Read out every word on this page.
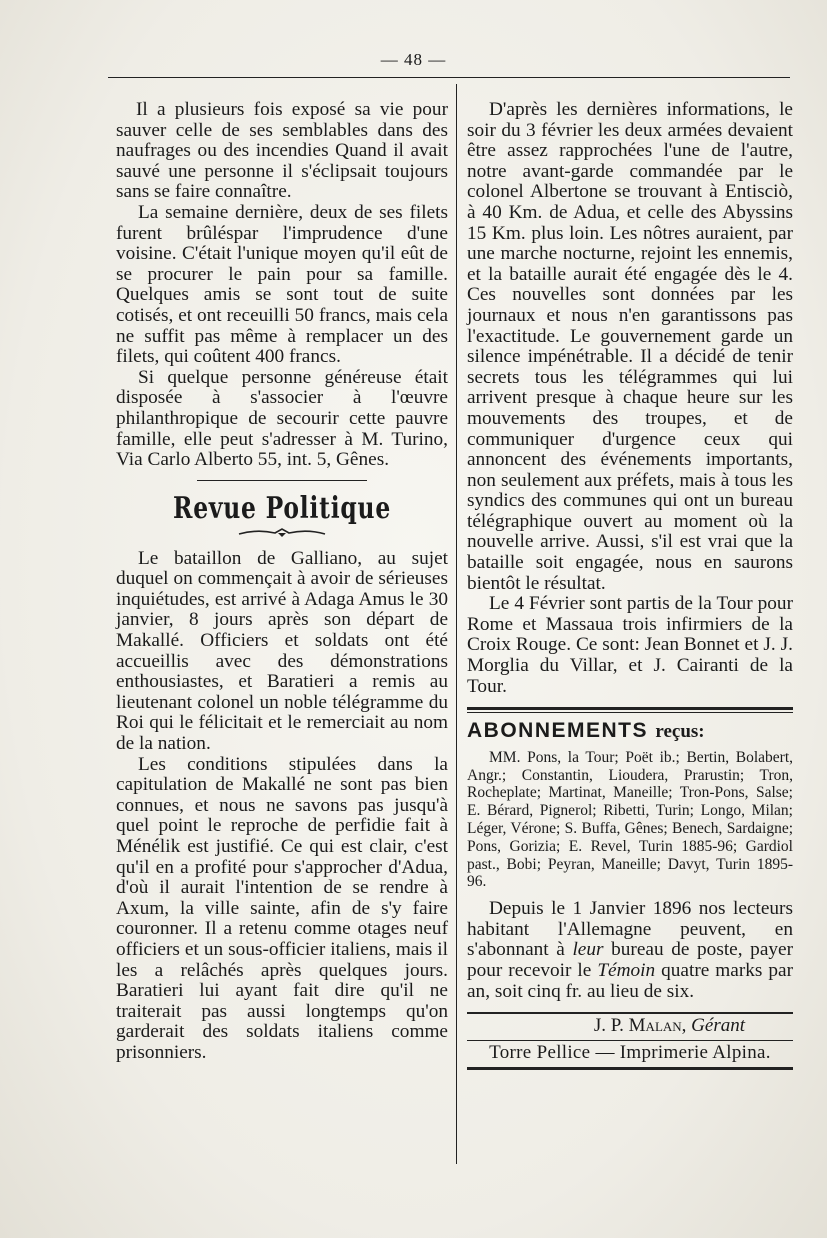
— 48 —

Il a plusieurs fois exposé sa vie pour sauver celle de ses semblables dans des naufrages ou des incendies Quand il avait sauvé une personne il s'éclipsait toujours sans se faire connaître.

La semaine dernière, deux de ses filets furent brûléspar l'imprudence d'une voisine. C'était l'unique moyen qu'il eût de se procurer le pain pour sa famille. Quelques amis se sont tout de suite cotisés, et ont receuilli 50 francs, mais cela ne suffit pas même à remplacer un des filets, qui coûtent 400 francs.

Si quelque personne généreuse était disposée à s'associer à l'œuvre philanthropique de secourir cette pauvre famille, elle peut s'adresser à M. Turino, Via Carlo Alberto 55, int. 5, Gênes.

Revue Politique

Le bataillon de Galliano, au sujet duquel on commençait à avoir de sérieuses inquiétudes, est arrivé à Adaga Amus le 30 janvier, 8 jours après son départ de Makallé. Officiers et soldats ont été accueillis avec des démonstrations enthousiastes, et Baratieri a remis au lieutenant colonel un noble télégramme du Roi qui le félicitait et le remerciait au nom de la nation.

Les conditions stipulées dans la capitulation de Makallé ne sont pas bien connues, et nous ne savons pas jusqu'à quel point le reproche de perfidie fait à Ménélik est justifié. Ce qui est clair, c'est qu'il en a profité pour s'approcher d'Adua, d'où il aurait l'intention de se rendre à Axum, la ville sainte, afin de s'y faire couronner. Il a retenu comme otages neuf officiers et un sous-officier italiens, mais il les a relâchés après quelques jours. Baratieri lui ayant fait dire qu'il ne traiterait pas aussi longtemps qu'on garderait des soldats italiens comme prisonniers.

D'après les dernières informations, le soir du 3 février les deux armées devaient être assez rapprochées l'une de l'autre, notre avant-garde commandée par le colonel Albertone se trouvant à Entisciò, à 40 Km. de Adua, et celle des Abyssins 15 Km. plus loin. Les nôtres auraient, par une marche nocturne, rejoint les ennemis, et la bataille aurait été engagée dès le 4. Ces nouvelles sont données par les journaux et nous n'en garantissons pas l'exactitude. Le gouvernement garde un silence impénétrable. Il a décidé de tenir secrets tous les télégrammes qui lui arrivent presque à chaque heure sur les mouvements des troupes, et de communiquer d'urgence ceux qui annoncent des événements importants, non seulement aux préfets, mais à tous les syndics des communes qui ont un bureau télégraphique ouvert au moment où la nouvelle arrive. Aussi, s'il est vrai que la bataille soit engagée, nous en saurons bientôt le résultat.

Le 4 Février sont partis de la Tour pour Rome et Massaua trois infirmiers de la Croix Rouge. Ce sont: Jean Bonnet et J. J. Morglia du Villar, et J. Cairanti de la Tour.

ABONNEMENTS reçus:

MM. Pons, la Tour; Poët ib.; Bertin, Bolabert, Angr.; Constantin, Lioudera, Prarustin; Tron, Rocheplate; Martinat, Maneille; Tron-Pons, Salse; E. Bérard, Pignerol; Ribetti, Turin; Longo, Milan; Léger, Vérone; S. Buffa, Gênes; Benech, Sardaigne; Pons, Gorizia; E. Revel, Turin 1885-96; Gardiol past., Bobi; Peyran, Maneille; Davyt, Turin 1895-96.

Depuis le 1 Janvier 1896 nos lecteurs habitant l'Allemagne peuvent, en s'abonnant à leur bureau de poste, payer pour recevoir le Témoin quatre marks par an, soit cinq fr. au lieu de six.

J. P. Malan, Gérant
Torre Pellice — Imprimerie Alpina.
